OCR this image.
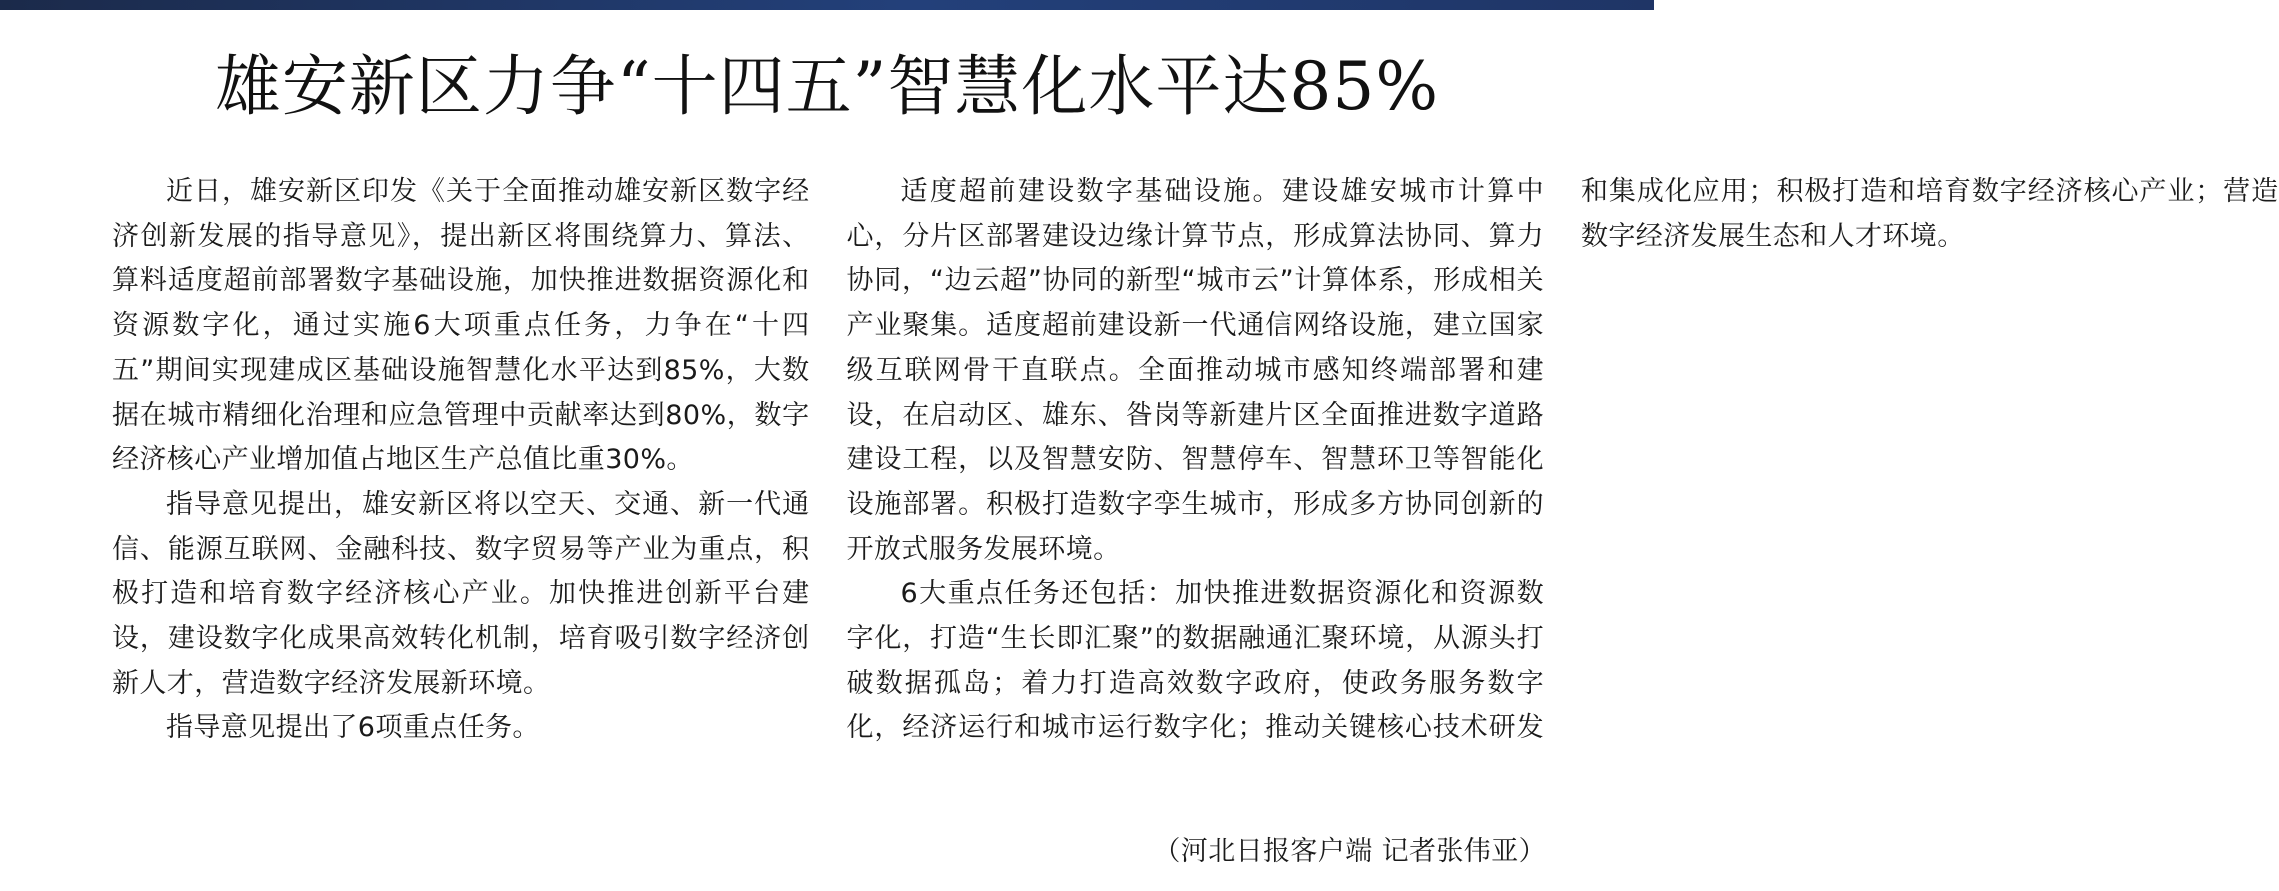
雄安新区力争“十四五”智慧化水平达85%

近日，雄安新区印发《关于全面推动雄安新区数字经济创新发展的指导意见》，提出新区将围绕算力、算法、算料适度超前部署数字基础设施，加快推进数据资源化和资源数字化，通过实施6大项重点任务，力争在“十四五”期间实现建成区基础设施智慧化水平达到85%，大数据在城市精细化治理和应急管理中贡献率达到80%，数字经济核心产业增加值占地区生产总值比重30%。

指导意见提出，雄安新区将以空天、交通、新一代通信、能源互联网、金融科技、数字贸易等产业为重点，积极打造和培育数字经济核心产业。加快推进创新平台建设，建设数字化成果高效转化机制，培育吸引数字经济创新人才，营造数字经济发展新环境。

指导意见提出了6项重点任务。

适度超前建设数字基础设施。建设雄安城市计算中心，分片区部署建设边缘计算节点，形成算法协同、算力协同，“边云超”协同的新型“城市云”计算体系，形成相关产业聚集。适度超前建设新一代通信网络设施，建立国家级互联网骨干直联点。全面推动城市感知终端部署和建设，在启动区、雄东、昝岗等新建片区全面推进数字道路建设工程，以及智慧安防、智慧停车、智慧环卫等智能化设施部署。积极打造数字孪生城市，形成多方协同创新的开放式服务发展环境。

6大重点任务还包括：加快推进数据资源化和资源数字化，打造“生长即汇聚”的数据融通汇聚环境，从源头打破数据孤岛；着力打造高效数字政府，使政务服务数字化，经济运行和城市运行数字化；推动关键核心技术研发和集成化应用；积极打造和培育数字经济核心产业；营造数字经济发展生态和人才环境。

（河北日报客户端 记者张伟亚）
